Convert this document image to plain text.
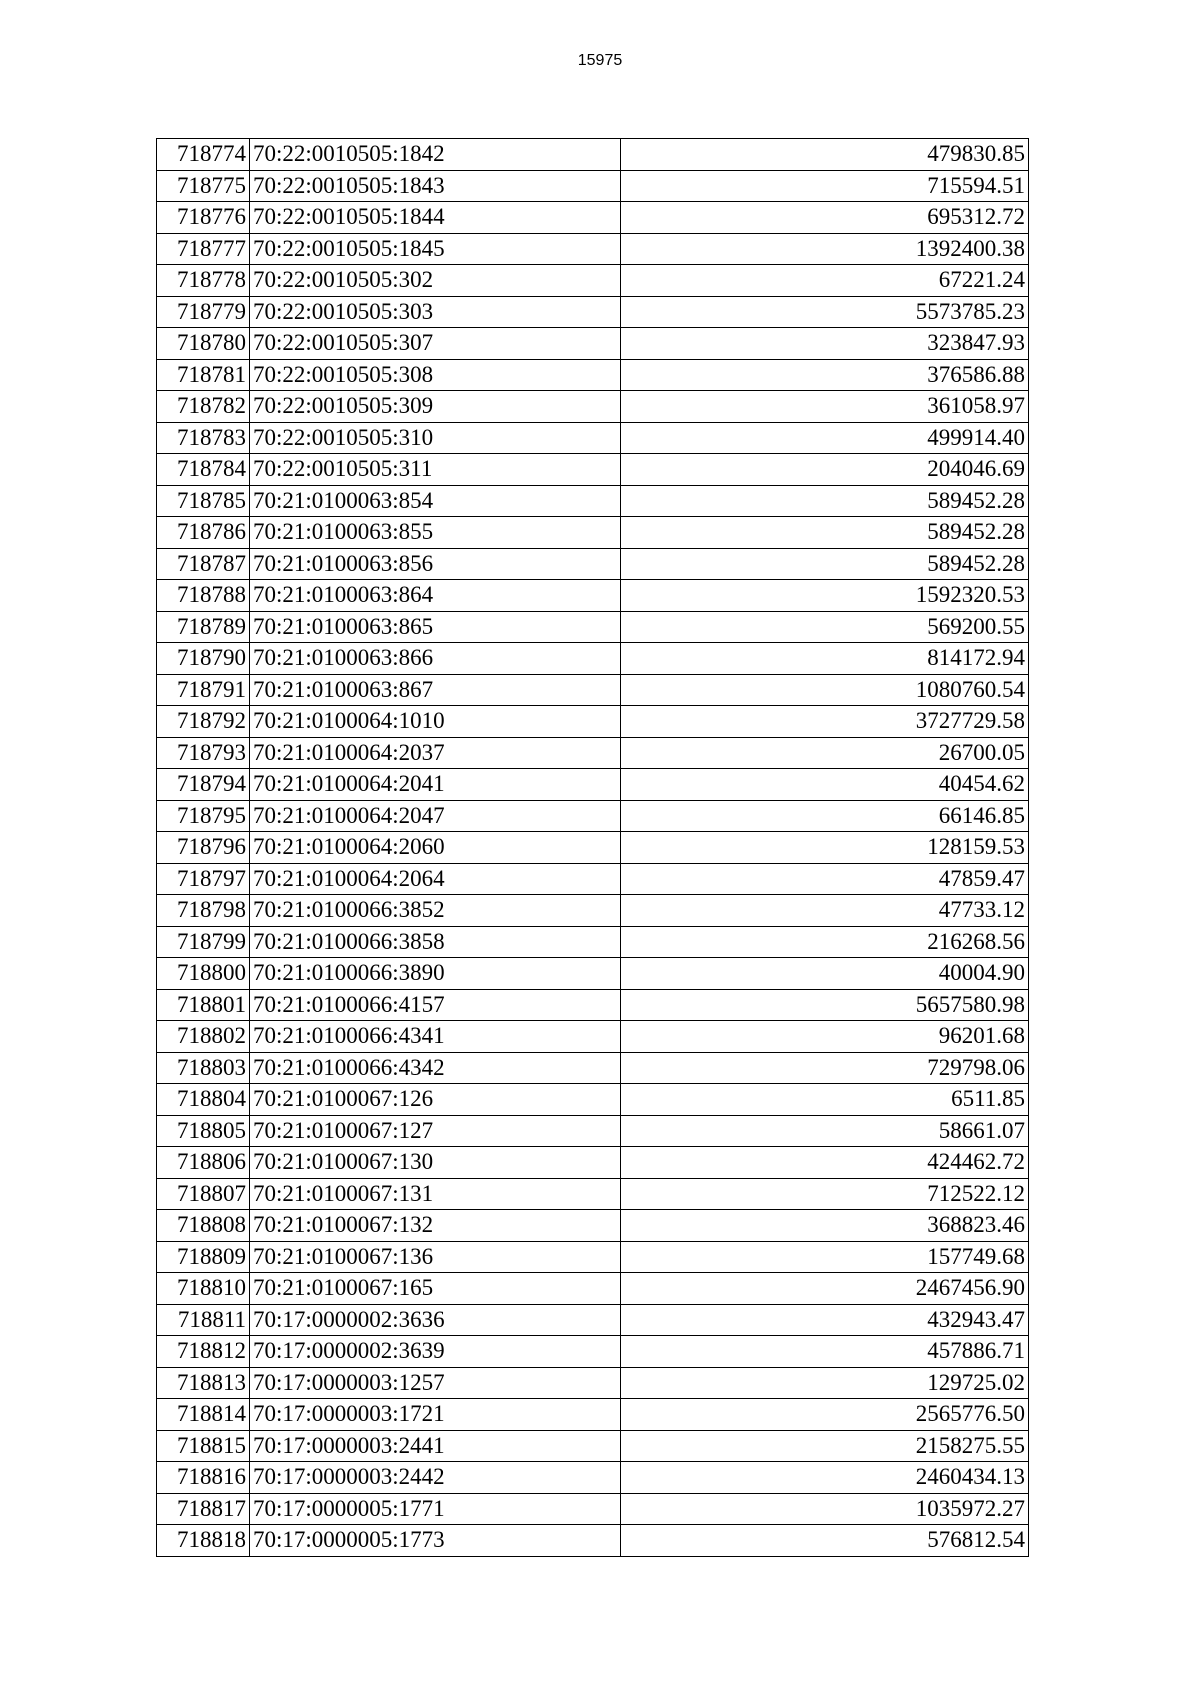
15975
718774	70:22:0010505:1842	479830.85
718775	70:22:0010505:1843	715594.51
718776	70:22:0010505:1844	695312.72
718777	70:22:0010505:1845	1392400.38
718778	70:22:0010505:302	67221.24
718779	70:22:0010505:303	5573785.23
718780	70:22:0010505:307	323847.93
718781	70:22:0010505:308	376586.88
718782	70:22:0010505:309	361058.97
718783	70:22:0010505:310	499914.40
718784	70:22:0010505:311	204046.69
718785	70:21:0100063:854	589452.28
718786	70:21:0100063:855	589452.28
718787	70:21:0100063:856	589452.28
718788	70:21:0100063:864	1592320.53
718789	70:21:0100063:865	569200.55
718790	70:21:0100063:866	814172.94
718791	70:21:0100063:867	1080760.54
718792	70:21:0100064:1010	3727729.58
718793	70:21:0100064:2037	26700.05
718794	70:21:0100064:2041	40454.62
718795	70:21:0100064:2047	66146.85
718796	70:21:0100064:2060	128159.53
718797	70:21:0100064:2064	47859.47
718798	70:21:0100066:3852	47733.12
718799	70:21:0100066:3858	216268.56
718800	70:21:0100066:3890	40004.90
718801	70:21:0100066:4157	5657580.98
718802	70:21:0100066:4341	96201.68
718803	70:21:0100066:4342	729798.06
718804	70:21:0100067:126	6511.85
718805	70:21:0100067:127	58661.07
718806	70:21:0100067:130	424462.72
718807	70:21:0100067:131	712522.12
718808	70:21:0100067:132	368823.46
718809	70:21:0100067:136	157749.68
718810	70:21:0100067:165	2467456.90
718811	70:17:0000002:3636	432943.47
718812	70:17:0000002:3639	457886.71
718813	70:17:0000003:1257	129725.02
718814	70:17:0000003:1721	2565776.50
718815	70:17:0000003:2441	2158275.55
718816	70:17:0000003:2442	2460434.13
718817	70:17:0000005:1771	1035972.27
718818	70:17:0000005:1773	576812.54
